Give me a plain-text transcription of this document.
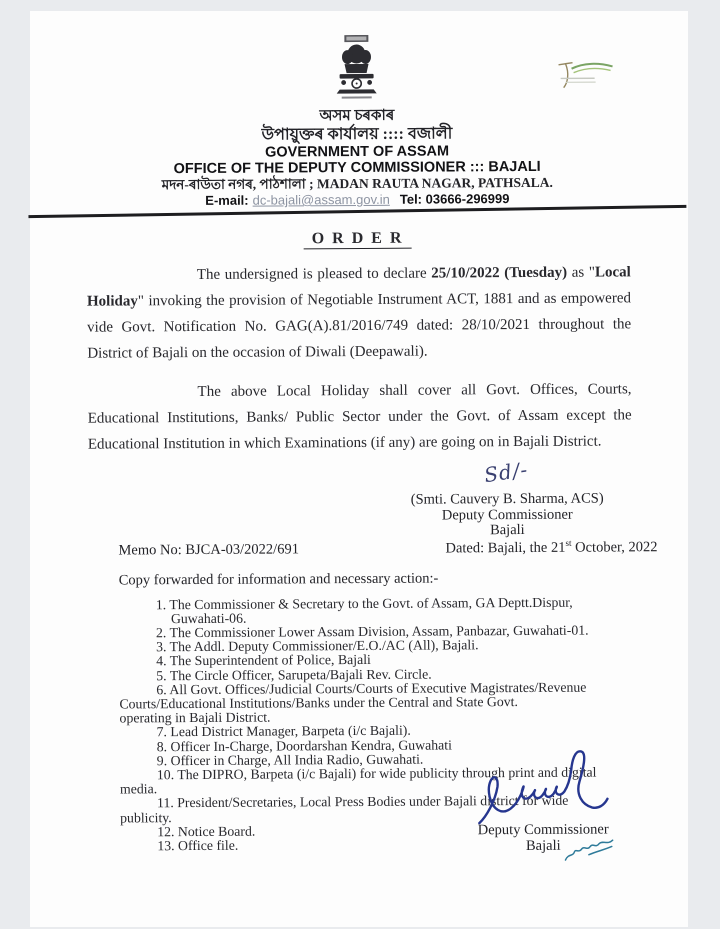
অসম চৰকাৰ
উপায়ুক্তৰ কাৰ্যালয় :::: বজালী
GOVERNMENT OF ASSAM
OFFICE OF THE DEPUTY COMMISSIONER ::: BAJALI
মদন-ৰাউতা নগৰ, পাঠশালা ; MADAN RAUTA NAGAR, PATHSALA.
E-mail: dc-bajali@assam.gov.in Tel: 03666-296999
ORDER

The undersigned is pleased to declare 25/10/2022 (Tuesday) as "Local Holiday" invoking the provision of Negotiable Instrument ACT, 1881 and as empowered vide Govt. Notification No. GAG(A).81/2016/749 dated: 28/10/2021 throughout the District of Bajali on the occasion of Diwali (Deepawali).

The above Local Holiday shall cover all Govt. Offices, Courts, Educational Institutions, Banks/ Public Sector under the Govt. of Assam except the Educational Institution in which Examinations (if any) are going on in Bajali District.

Sd/-
(Smti. Cauvery B. Sharma, ACS)
Deputy Commissioner
Bajali
Memo No: BJCA-03/2022/691	Dated: Bajali, the 21st October, 2022
Copy forwarded for information and necessary action:-
1. The Commissioner & Secretary to the Govt. of Assam, GA Deptt.Dispur,
Guwahati-06.
2. The Commissioner Lower Assam Division, Assam, Panbazar, Guwahati-01.
3. The Addl. Deputy Commissioner/E.O./AC (All), Bajali.
4. The Superintendent of Police, Bajali
5. The Circle Officer, Sarupeta/Bajali Rev. Circle.
6. All Govt. Offices/Judicial Courts/Courts of Executive Magistrates/Revenue
Courts/Educational Institutions/Banks under the Central and State Govt.
operating in Bajali District.
7. Lead District Manager, Barpeta (i/c Bajali).
8. Officer In-Charge, Doordarshan Kendra, Guwahati
9. Officer in Charge, All India Radio, Guwahati.
10. The DIPRO, Barpeta (i/c Bajali) for wide publicity through print and digital
media.
11. President/Secretaries, Local Press Bodies under Bajali district for wide
publicity.
12. Notice Board.
13. Office file.
Deputy Commissioner
Bajali
